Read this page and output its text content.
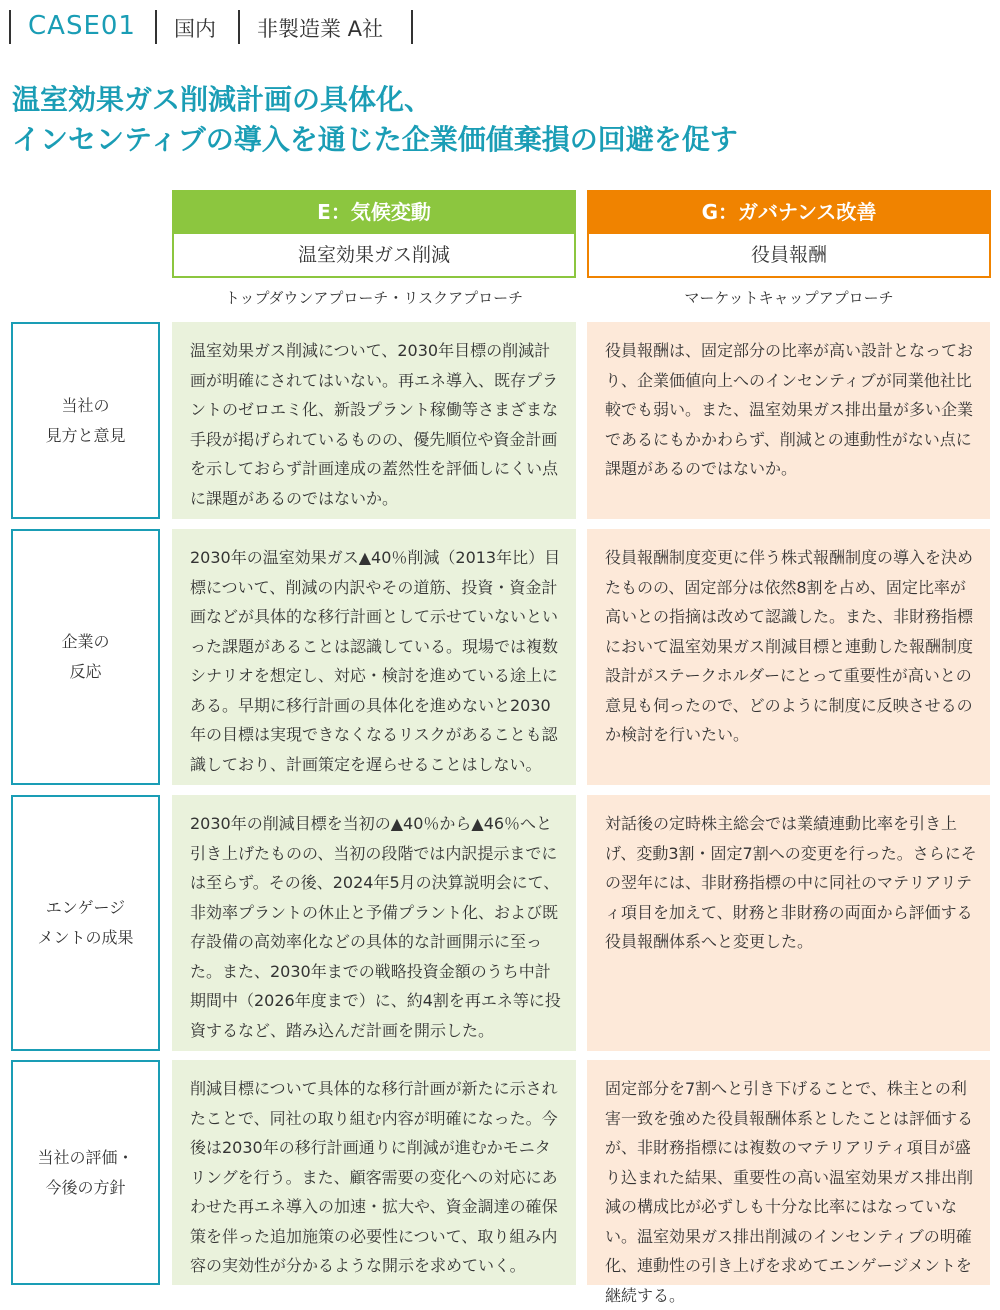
CASE01 国内 非製造業 A社
温室効果ガス削減計画の具体化、
インセンティブの導入を通じた企業価値棄損の回避を促す
E：気候変動
温室効果ガス削減
トップダウンアプローチ・リスクアプローチ
G：ガバナンス改善
役員報酬
マーケットキャップアプローチ
当社の
見方と意見
温室効果ガス削減について、2030年目標の削減計画が明確にされてはいない。再エネ導入、既存プラントのゼロエミ化、新設プラント稼働等さまざまな手段が掲げられているものの、優先順位や資金計画を示しておらず計画達成の蓋然性を評価しにくい点に課題があるのではないか。
役員報酬は、固定部分の比率が高い設計となっており、企業価値向上へのインセンティブが同業他社比較でも弱い。また、温室効果ガス排出量が多い企業であるにもかかわらず、削減との連動性がない点に課題があるのではないか。
企業の
反応
2030年の温室効果ガス▲40％削減（2013年比）目標について、削減の内訳やその道筋、投資・資金計画などが具体的な移行計画として示せていないといった課題があることは認識している。現場では複数シナリオを想定し、対応・検討を進めている途上にある。早期に移行計画の具体化を進めないと2030年の目標は実現できなくなるリスクがあることも認識しており、計画策定を遅らせることはしない。
役員報酬制度変更に伴う株式報酬制度の導入を決めたものの、固定部分は依然8割を占め、固定比率が高いとの指摘は改めて認識した。また、非財務指標において温室効果ガス削減目標と連動した報酬制度設計がステークホルダーにとって重要性が高いとの意見も伺ったので、どのように制度に反映させるのか検討を行いたい。
エンゲージ
メントの成果
2030年の削減目標を当初の▲40％から▲46％へと引き上げたものの、当初の段階では内訳提示までには至らず。その後、2024年5月の決算説明会にて、非効率プラントの休止と予備プラント化、および既存設備の高効率化などの具体的な計画開示に至った。また、2030年までの戦略投資金額のうち中計期間中（2026年度まで）に、約4割を再エネ等に投資するなど、踏み込んだ計画を開示した。
対話後の定時株主総会では業績連動比率を引き上げ、変動3割・固定7割への変更を行った。さらにその翌年には、非財務指標の中に同社のマテリアリティ項目を加えて、財務と非財務の両面から評価する役員報酬体系へと変更した。
当社の評価・
今後の方針
削減目標について具体的な移行計画が新たに示されたことで、同社の取り組む内容が明確になった。今後は2030年の移行計画通りに削減が進むかモニタリングを行う。また、顧客需要の変化への対応にあわせた再エネ導入の加速・拡大や、資金調達の確保策を伴った追加施策の必要性について、取り組み内容の実効性が分かるような開示を求めていく。
固定部分を7割へと引き下げることで、株主との利害一致を強めた役員報酬体系としたことは評価するが、非財務指標には複数のマテリアリティ項目が盛り込まれた結果、重要性の高い温室効果ガス排出削減の構成比が必ずしも十分な比率にはなっていない。温室効果ガス排出削減のインセンティブの明確化、連動性の引き上げを求めてエンゲージメントを継続する。
